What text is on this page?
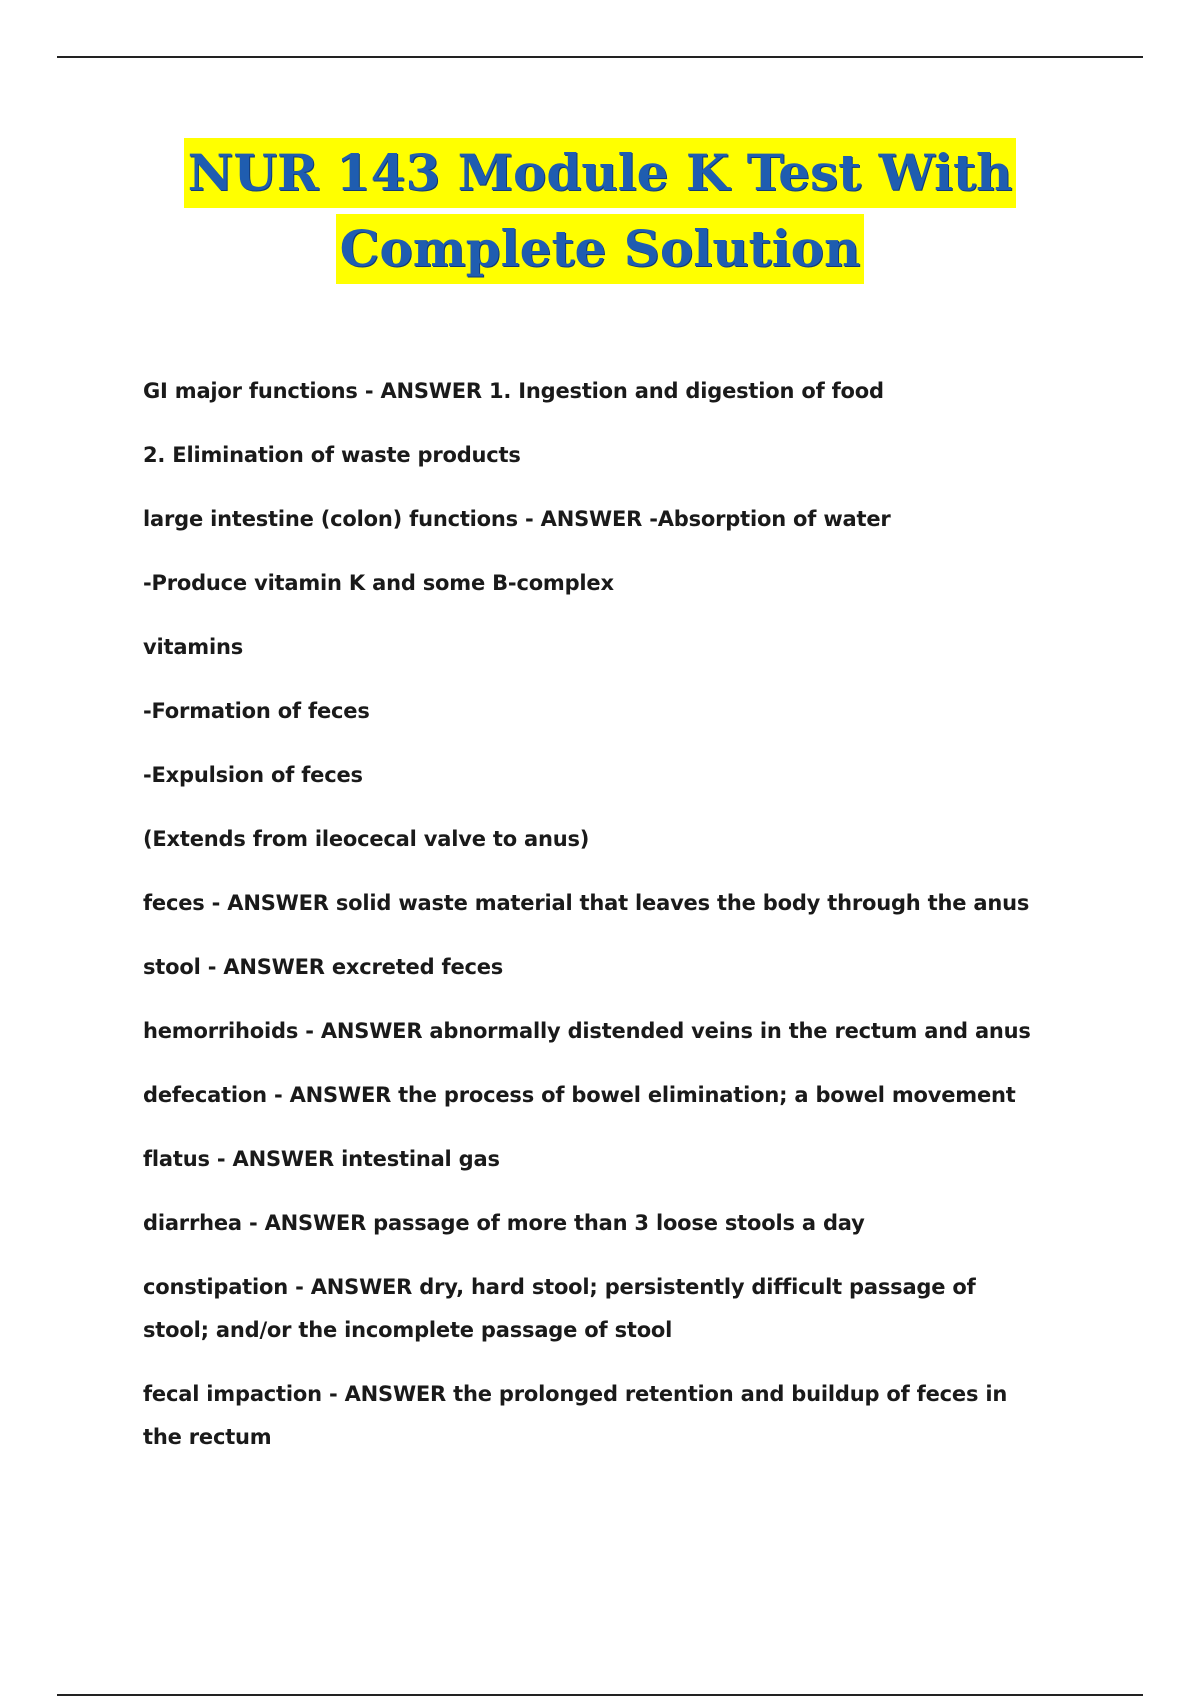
NUR 143 Module K Test With
Complete Solution

GI major functions - ANSWER 1. Ingestion and digestion of food

2. Elimination of waste products

large intestine (colon) functions - ANSWER -Absorption of water

-Produce vitamin K and some B-complex

vitamins

-Formation of feces

-Expulsion of feces

(Extends from ileocecal valve to anus)

feces - ANSWER solid waste material that leaves the body through the anus

stool - ANSWER excreted feces

hemorrihoids - ANSWER abnormally distended veins in the rectum and anus

defecation - ANSWER the process of bowel elimination; a bowel movement

flatus - ANSWER intestinal gas

diarrhea - ANSWER passage of more than 3 loose stools a day

constipation - ANSWER dry, hard stool; persistently difficult passage of stool; and/or the incomplete passage of stool

fecal impaction - ANSWER the prolonged retention and buildup of feces in the rectum
